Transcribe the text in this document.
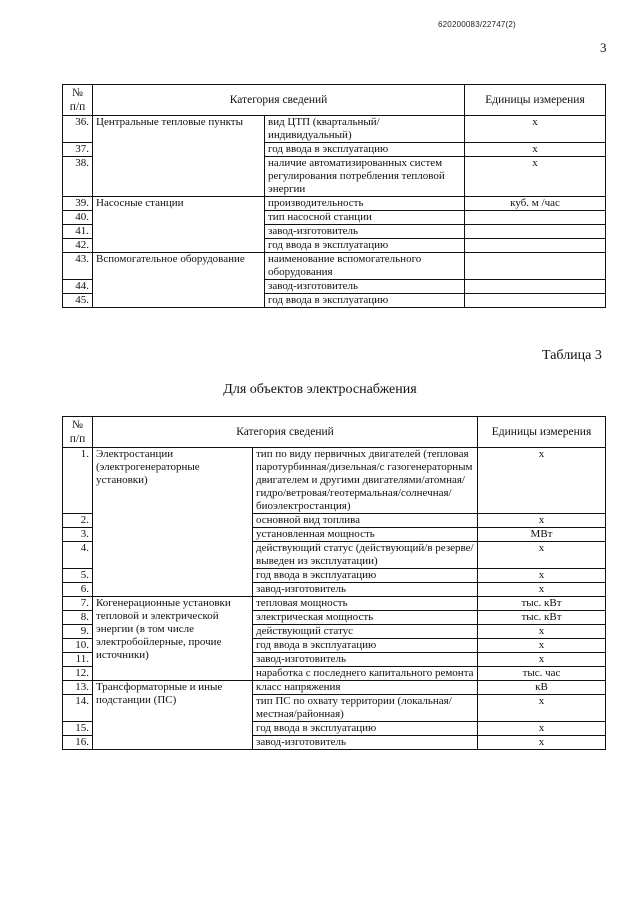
620200083/22747(2)
3
№ п/п	Категория сведений		Единицы измерения
36.	Центральные тепловые пункты	вид ЦТП (квартальный/ индивидуальный)	х
37.		год ввода в эксплуатацию	х
38.		наличие автоматизированных систем регулирования потребления тепловой энергии	х
39.	Насосные станции	производительность	куб. м /час
40.		тип насосной станции	
41.		завод-изготовитель	
42.		год ввода в эксплуатацию	
43.	Вспомогательное оборудование	наименование вспомогательного оборудования	
44.		завод-изготовитель	
45.		год ввода в эксплуатацию	
Таблица 3
Для объектов электроснабжения
№ п/п	Категория сведений		Единицы измерения
1.	Электростанции (электрогенераторные установки)	тип по виду первичных двигателей (тепловая паротурбинная/дизельная/с газогенераторным двигателем и другими двигателями/атомная/гидро/ветровая/геотермальная/солнечная/биоэлектростанция)	х
2.		основной вид топлива	х
3.		установленная мощность	МВт
4.		действующий статус (действующий/в резерве/выведен из эксплуатации)	х
5.		год ввода в эксплуатацию	х
6.		завод-изготовитель	х
7.	Когенерационные установки тепловой и электрической энергии (в том числе электробойлерные, прочие источники)	тепловая мощность	тыс. кВт
8.		электрическая мощность	тыс. кВт
9.		действующий статус	х
10.		год ввода в эксплуатацию	х
11.		завод-изготовитель	х
12.		наработка с последнего капитального ремонта	тыс. час
13.	Трансформаторные и иные подстанции (ПС)	класс напряжения	кВ
14.		тип ПС по охвату территории (локальная/местная/районная)	х
15.		год ввода в эксплуатацию	х
16.		завод-изготовитель	х
